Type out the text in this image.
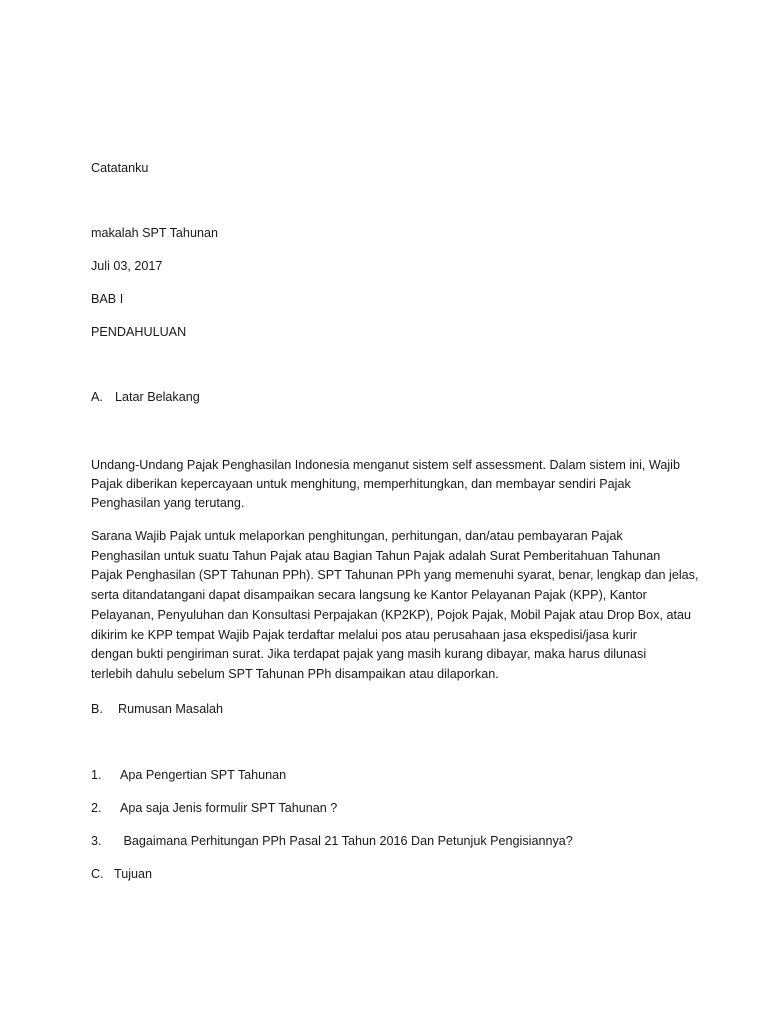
Catatanku
makalah SPT Tahunan
Juli 03, 2017
BAB I
PENDAHULUAN
A. Latar Belakang
Undang-Undang Pajak Penghasilan Indonesia menganut sistem self assessment. Dalam sistem ini, Wajib
Pajak diberikan kepercayaan untuk menghitung, memperhitungkan, dan membayar sendiri Pajak
Penghasilan yang terutang.
Sarana Wajib Pajak untuk melaporkan penghitungan, perhitungan, dan/atau pembayaran Pajak
Penghasilan untuk suatu Tahun Pajak atau Bagian Tahun Pajak adalah Surat Pemberitahuan Tahunan
Pajak Penghasilan (SPT Tahunan PPh). SPT Tahunan PPh yang memenuhi syarat, benar, lengkap dan jelas,
serta ditandatangani dapat disampaikan secara langsung ke Kantor Pelayanan Pajak (KPP), Kantor
Pelayanan, Penyuluhan dan Konsultasi Perpajakan (KP2KP), Pojok Pajak, Mobil Pajak atau Drop Box, atau
dikirim ke KPP tempat Wajib Pajak terdaftar melalui pos atau perusahaan jasa ekspedisi/jasa kurir
dengan bukti pengiriman surat. Jika terdapat pajak yang masih kurang dibayar, maka harus dilunasi
terlebih dahulu sebelum SPT Tahunan PPh disampaikan atau dilaporkan.
B. Rumusan Masalah
1. Apa Pengertian SPT Tahunan
2. Apa saja Jenis formulir SPT Tahunan ?
3. Bagaimana Perhitungan PPh Pasal 21 Tahun 2016 Dan Petunjuk Pengisiannya?
C. Tujuan
